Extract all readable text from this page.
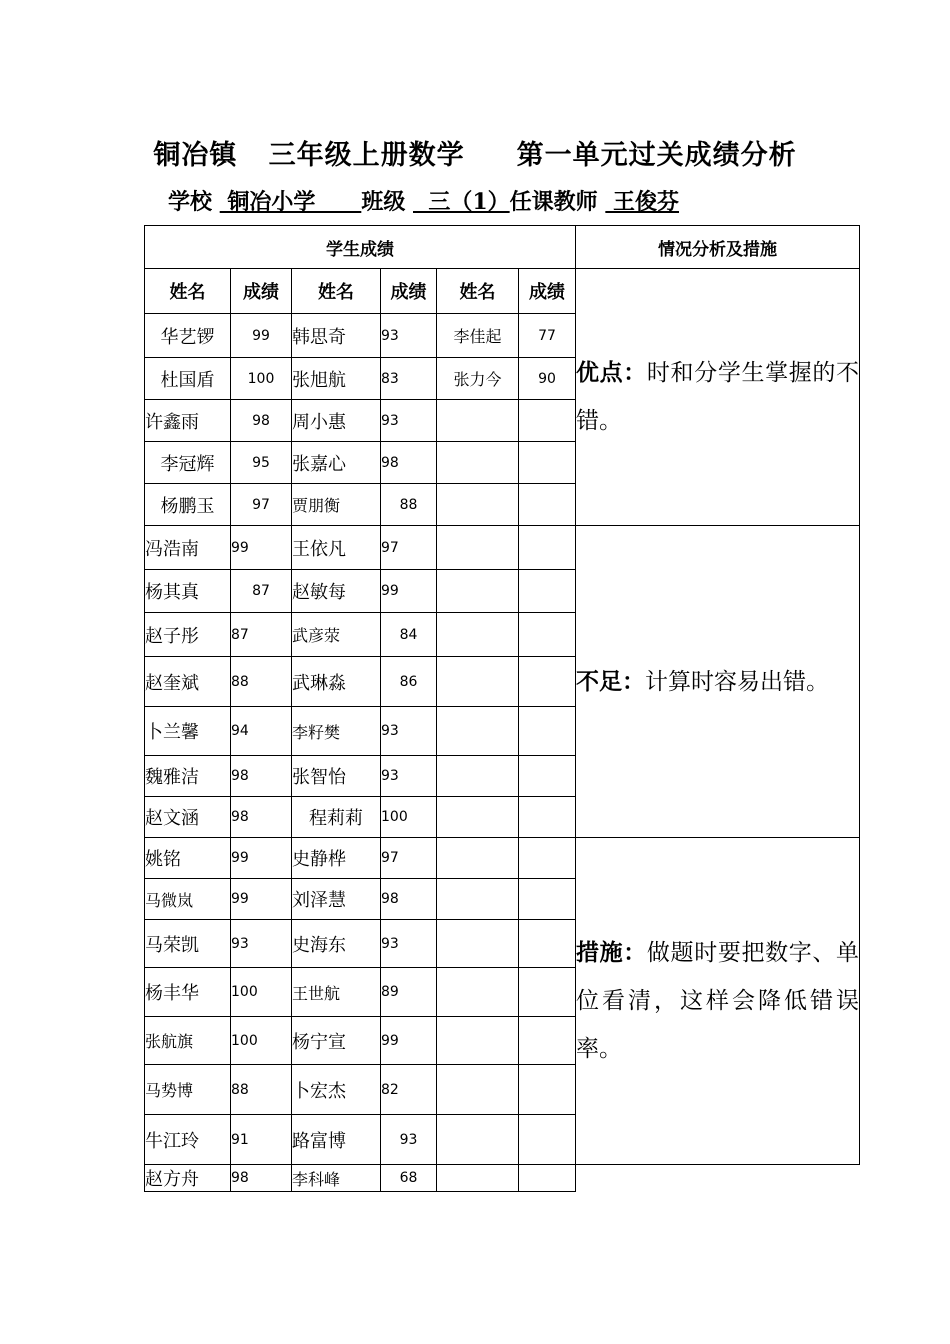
铜冶镇   三年级上册数学     第一单元过关成绩分析
学校  铜冶小学      班级   三（1）任课教师  王俊芬
学生成绩						情况分析及措施
姓名	成绩	姓名	成绩	姓名	成绩	优点：时和分学生掌握的不错。
华艺锣	99	韩思奇	93	李佳起	77	
杜国盾	100	张旭航	83	张力今	90	
许鑫雨	98	周小惠	93			
李冠辉	95	张嘉心	98			
杨鹏玉	97	贾朋衡	88			
冯浩南	99	王依凡	97			不足：计算时容易出错。
杨其真	87	赵敏每	99			
赵子彤	87	武彦荥	84			
赵奎斌	88	武琳淼	86			
卜兰馨	94	李籽樊	93			
魏雅洁	98	张智怡	93			
赵文涵	98	程莉莉	100			
姚铭	99	史静桦	97			措施：做题时要把数字、单位看清，这样会降低错误率。
马微岚	99	刘泽慧	98			
马荣凯	93	史海东	93			
杨丰华	100	王世航	89			
张航旗	100	杨宁宣	99			
马势博	88	卜宏杰	82			
牛江玲	91	路富博	93			
赵方舟	98	李科峰	68			
